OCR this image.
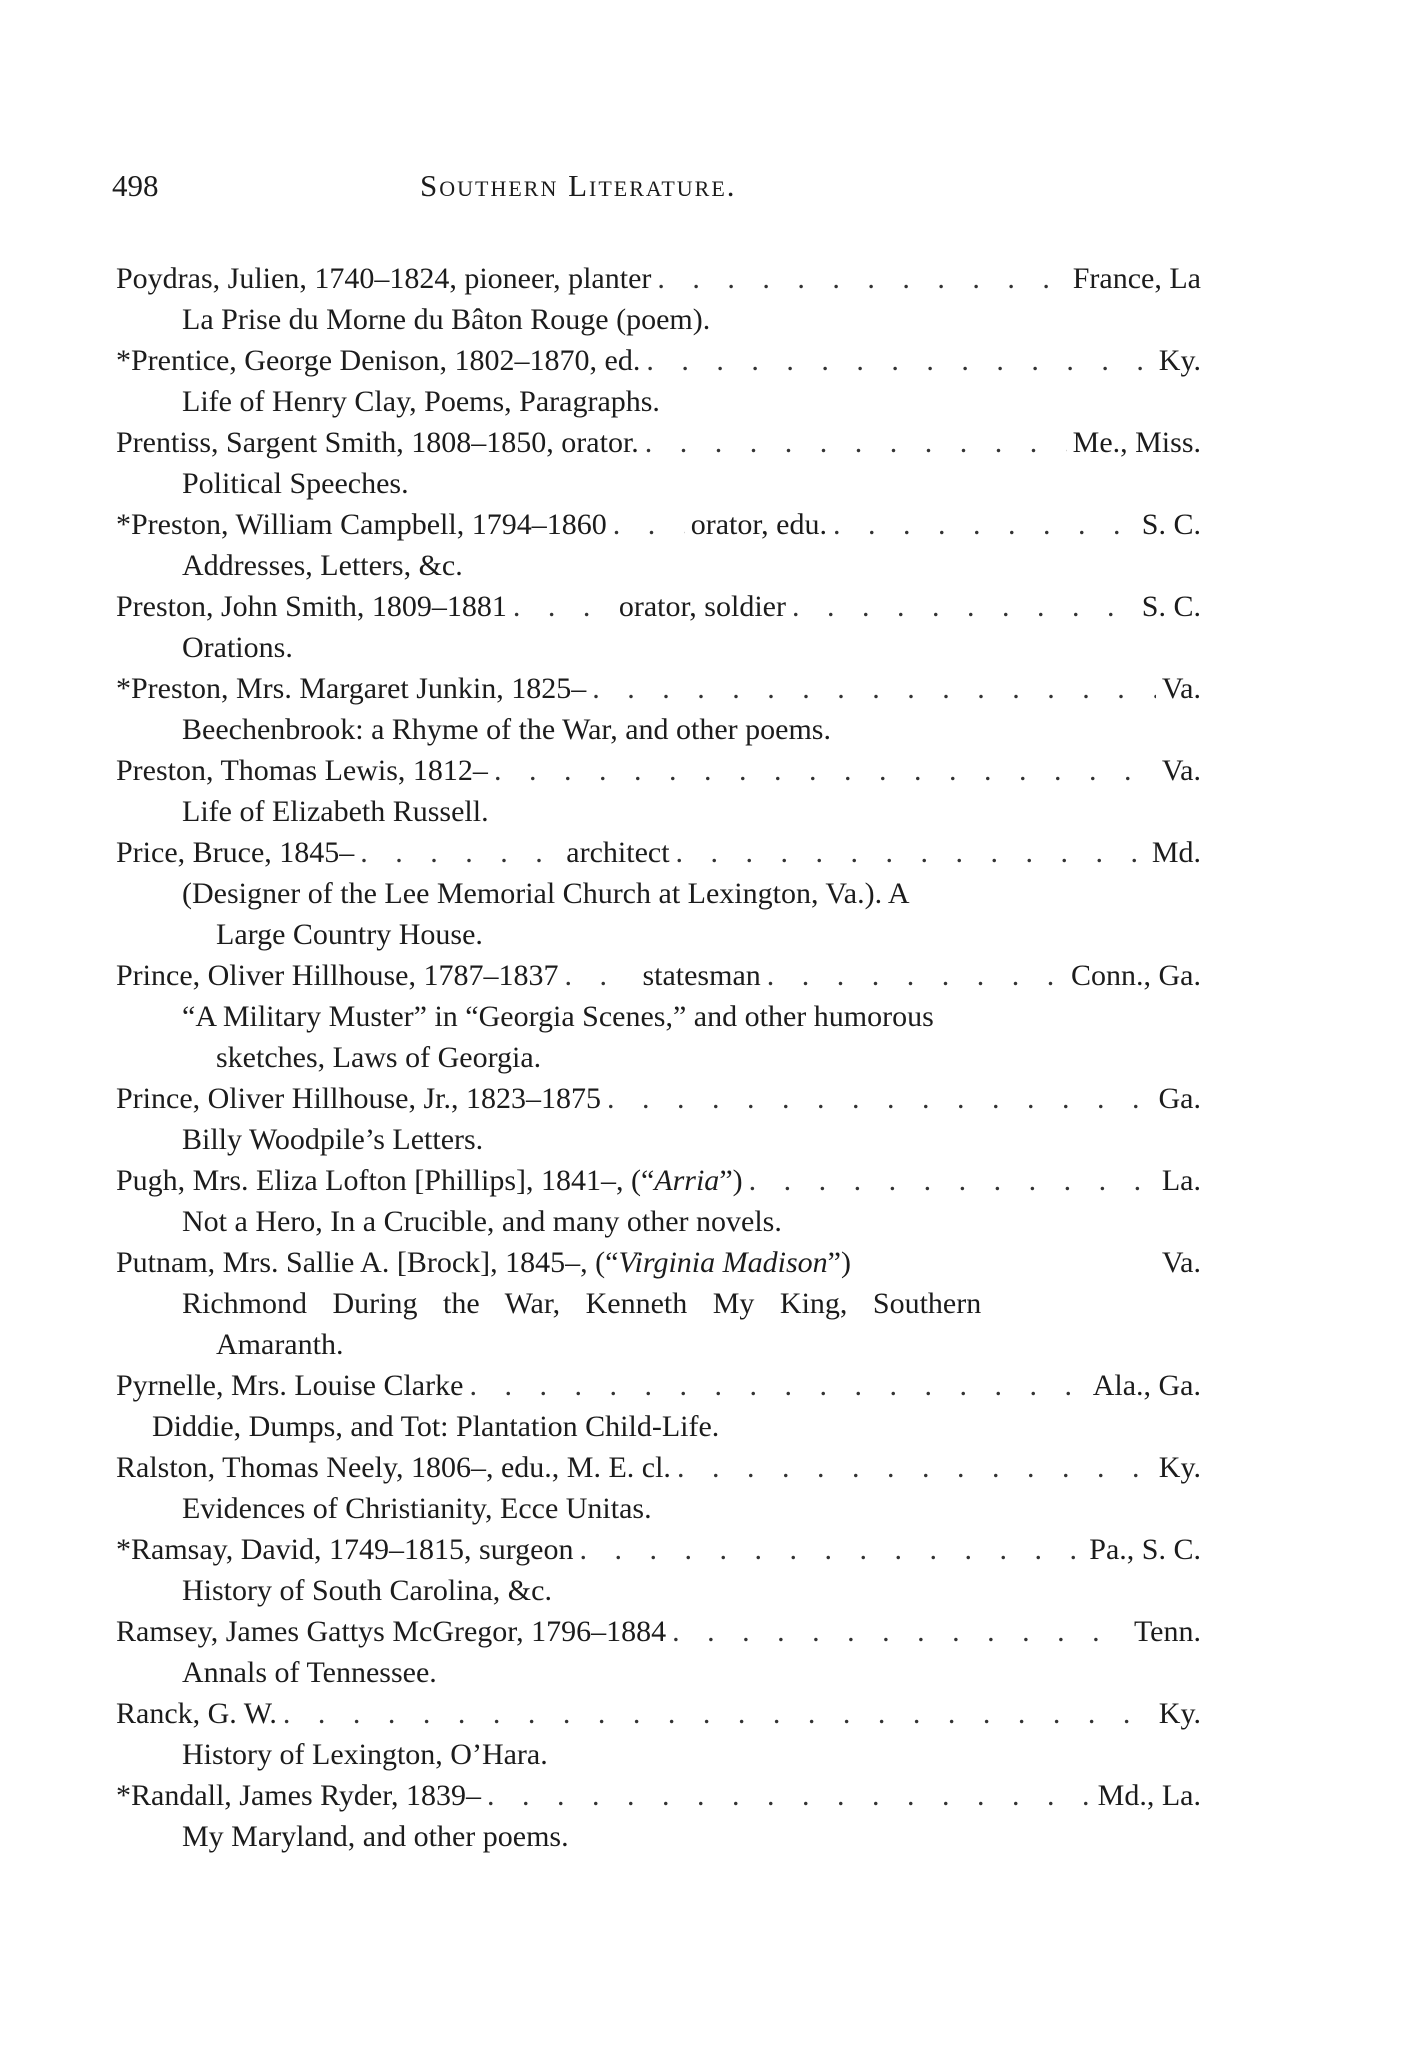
498	Southern Literature.
Poydras, Julien, 1740–1824, pioneer, planter . . .	France, La
La Prise du Morne du Bâton Rouge (poem).
*Prentice, George Denison, 1802–1870, ed. . . .	Ky.
Life of Henry Clay, Poems, Paragraphs.
Prentiss, Sargent Smith, 1808–1850, orator. . . .	Me., Miss.
Political Speeches.
*Preston, William Campbell, 1794–1860 . . .	orator, edu. . . .	S. C.
Addresses, Letters, &c.
Preston, John Smith, 1809–1881 . . .	orator, soldier . . .	S. C.
Orations.
*Preston, Mrs. Margaret Junkin, 1825– . . .	Va.
Beechenbrook: a Rhyme of the War, and other poems.
Preston, Thomas Lewis, 1812– . . .	Va.
Life of Elizabeth Russell.
Price, Bruce, 1845– . . .	architect . . .	Md.
(Designer of the Lee Memorial Church at Lexington, Va.). A
Large Country House.
Prince, Oliver Hillhouse, 1787–1837 . . .	statesman . . .	Conn., Ga.
“A Military Muster” in “Georgia Scenes,” and other humorous
sketches, Laws of Georgia.
Prince, Oliver Hillhouse, Jr., 1823–1875 . . .	Ga.
Billy Woodpile’s Letters.
Pugh, Mrs. Eliza Lofton [Phillips], 1841–, (“Arria”) . . .	La.
Not a Hero, In a Crucible, and many other novels.
Putnam, Mrs. Sallie A. [Brock], 1845–, (“Virginia Madison”)	Va.
Richmond During the War, Kenneth My King, Southern
Amaranth.
Pyrnelle, Mrs. Louise Clarke . . .	Ala., Ga.
Diddie, Dumps, and Tot: Plantation Child-Life.
Ralston, Thomas Neely, 1806–, edu., M. E. cl. . . .	Ky.
Evidences of Christianity, Ecce Unitas.
*Ramsay, David, 1749–1815, surgeon . . .	Pa., S. C.
History of South Carolina, &c.
Ramsey, James Gattys McGregor, 1796–1884 . . .	Tenn.
Annals of Tennessee.
Ranck, G. W. . . .	Ky.
History of Lexington, O’Hara.
*Randall, James Ryder, 1839– . . .	Md., La.
My Maryland, and other poems.
